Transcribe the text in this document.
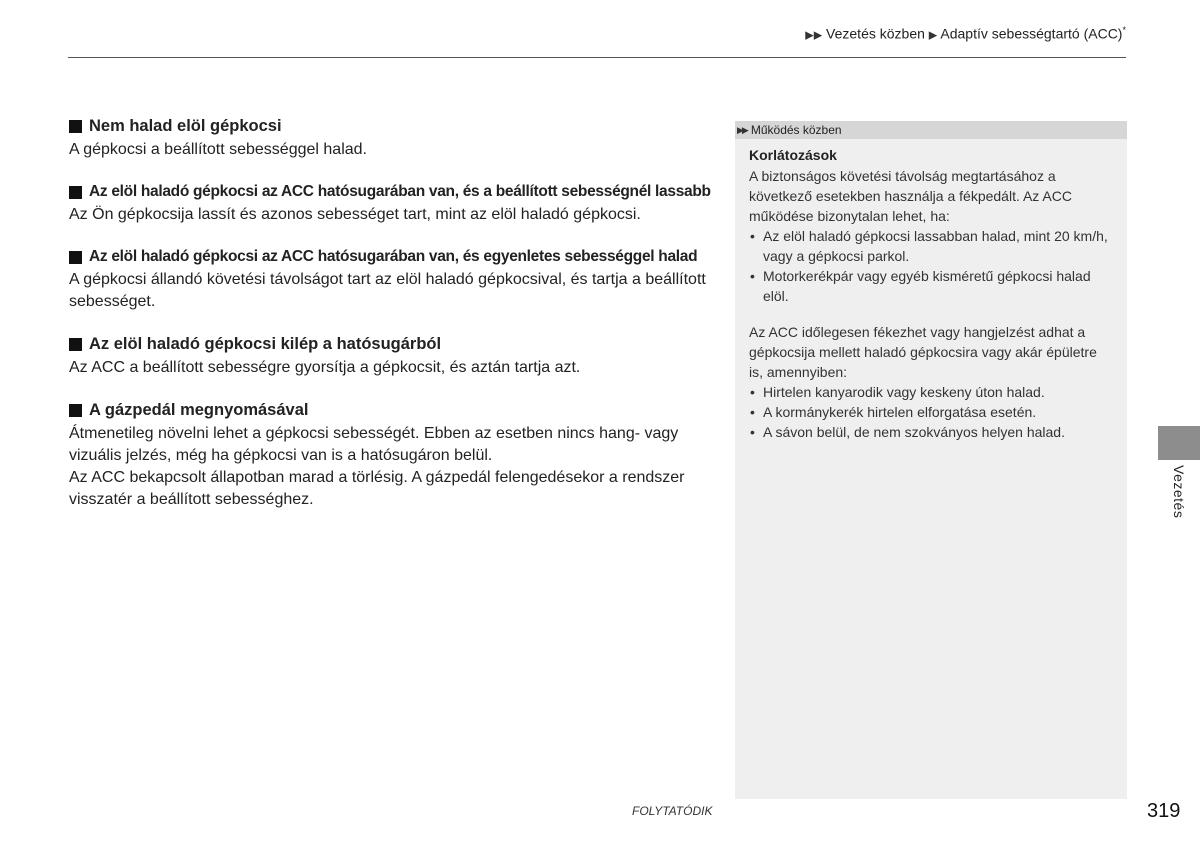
▶▶ Vezetés közben ▶ Adaptív sebességtartó (ACC)*
Nem halad elöl gépkocsi

A gépkocsi a beállított sebességgel halad.

Az elöl haladó gépkocsi az ACC hatósugarában van, és a beállított sebességnél lassabb

Az Ön gépkocsija lassít és azonos sebességet tart, mint az elöl haladó gépkocsi.

Az elöl haladó gépkocsi az ACC hatósugarában van, és egyenletes sebességgel halad

A gépkocsi állandó követési távolságot tart az elöl haladó gépkocsival, és tartja a beállított sebességet.

Az elöl haladó gépkocsi kilép a hatósugárból

Az ACC a beállított sebességre gyorsítja a gépkocsit, és aztán tartja azt.

A gázpedál megnyomásával

Átmenetileg növelni lehet a gépkocsi sebességét. Ebben az esetben nincs hang- vagy vizuális jelzés, még ha gépkocsi van is a hatósugáron belül.

Az ACC bekapcsolt állapotban marad a törlésig. A gázpedál felengedésekor a rendszer visszatér a beállított sebességhez.

▶▶ Működés közben
Korlátozások

A biztonságos követési távolság megtartásához a következő esetekben használja a fékpedált. Az ACC működése bizonytalan lehet, ha:

• Az elöl haladó gépkocsi lassabban halad, mint 20 km/h, vagy a gépkocsi parkol.
• Motorkerékpár vagy egyéb kisméretű gépkocsi halad elöl.

Az ACC időlegesen fékezhet vagy hangjelzést adhat a gépkocsija mellett haladó gépkocsira vagy akár épületre is, amennyiben:

• Hirtelen kanyarodik vagy keskeny úton halad.
• A kormánykerék hirtelen elforgatása esetén.
• A sávon belül, de nem szokványos helyen halad.
Vezetés
FOLYTATÓDIK	319
